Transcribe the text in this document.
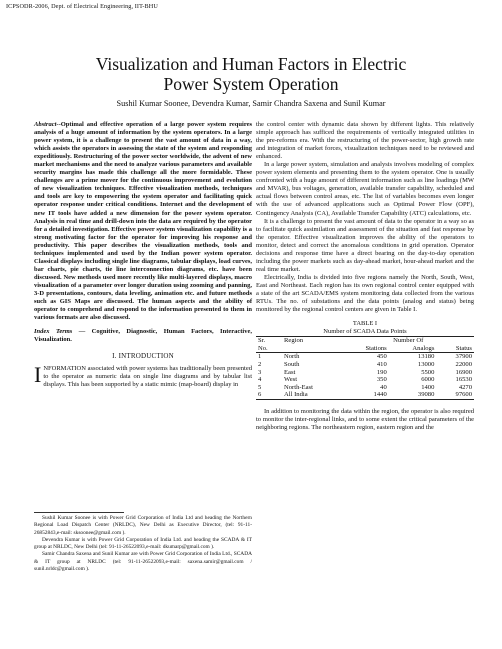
ICPSODR-2006, Dept. of Electrical Engineering, IIT-BHU
Visualization and Human Factors in Electric
Power System Operation
Sushil Kumar Soonee, Devendra Kumar, Samir Chandra Saxena and Sunil Kumar
Abstract--Optimal and effective operation of a large power system requires analysis of a huge amount of information by the system operators. In a large power system, it is a challenge to present the vast amount of data in a way, which assists the operators in assessing the state of the system and responding expeditiously. Restructuring of the power sector worldwide, the advent of new market mechanisms and the need to analyze various parameters and available security margins has made this challenge all the more formidable. These challenges are a prime mover for the continuous improvement and evolution of new visualization techniques. Effective visualization methods, techniques and tools are key to empowering the system operator and facilitating quick operator response under critical conditions. Internet and the development of new IT tools have added a new dimension for the power system operator. Analysis in real time and drill-down into the data are required by the operator for a detailed investigation. Effective power system visualization capability is a strong motivating factor for the operator for improving his response and productivity. This paper describes the visualization methods, tools and techniques implemented and used by the Indian power system operator. Classical displays including single line diagrams, tabular displays, load curves, bar charts, pie charts, tie line interconnection diagrams, etc. have been discussed. New methods used more recently like multi-layered displays, macro visualization of a parameter over longer duration using zooming and panning, 3-D presentations, contours, data leveling, animation etc. and future methods such as GIS Maps are discussed. The human aspects and the ability of operator to comprehend and respond to the information presented to them in various formats are also discussed.
Index Terms — Cognitive, Diagnostic, Human Factors, Interactive, Visualization.
I. INTRODUCTION
INFORMATION associated with power systems has traditionally been presented to the operator as numeric data on single line diagrams and by tabular list displays. This has been supported by a static mimic (map-board) display in
Sushil Kumar Soonee is with Power Grid Corporation of India Ltd and heading the Northern Regional Load Dispatch Center (NRLDC), New Delhi as Executive Director, (tel: 91-11-26852843,e-mail: sksoonee@gmail.com ).
Devendra Kumar is with Power Grid Corporation of India Ltd. and heading the SCADA & IT group at NRLDC, New Delhi (tel: 91-11-26522093,e-mail: dkumarp@gmail.com ).
Samir Chandra Saxena and Sunil Kumar are with Power Grid Corporation of India Ltd., SCADA & IT group at NRLDC (tel: 91-11-26522093,e-mail: saxena.samir@gmail.com / sunil.nrldc@gmail.com ).
the control center with dynamic data shown by different lights. This relatively simple approach has sufficed the requirements of vertically integrated utilities in the pre-reforms era. With the restructuring of the power-sector, high growth rate and integration of market forces, visualization techniques need to be reviewed and enhanced.
In a large power system, simulation and analysis involves modeling of complex power system elements and presenting them to the system operator. One is usually confronted with a huge amount of different information such as line loadings (MW and MVAR), bus voltages, generation, available transfer capability, scheduled and actual flows between control areas, etc. The list of variables becomes even longer with the use of advanced applications such as Optimal Power Flow (OPF), Contingency Analysis (CA), Available Transfer Capability (ATC) calculations, etc.
It is a challenge to present the vast amount of data to the operator in a way so as to facilitate quick assimilation and assessment of the situation and fast response by the operator. Effective visualization improves the ability of the operators to monitor, detect and correct the anomalous conditions in grid operation. Operator decisions and response time have a direct bearing on the day-to-day operation including the power markets such as day-ahead market, hour-ahead market and the real time market.
Electrically, India is divided into five regions namely the North, South, West, East and Northeast. Each region has its own regional control center equipped with a state of the art SCADA/EMS system monitoring data collected from the various RTUs. The no. of substations and the data points (analog and status) being monitored by the regional control centers are given in Table I.
TABLE I
Number of SCADA Data Points
Sr.	Region	Number Of		
No.		Stations	Analogs	Status
1	North	450	13180	37900
2	South	410	13000	22000
3	East	190	5500	16900
4	West	350	6000	16530
5	North-East	40	1400	4270
6	All India	1440	39080	97600
In addition to monitoring the data within the region, the operator is also required to monitor the inter-regional links, and to some extent the critical parameters of the neighboring regions. The northeastern region, eastern region and the
